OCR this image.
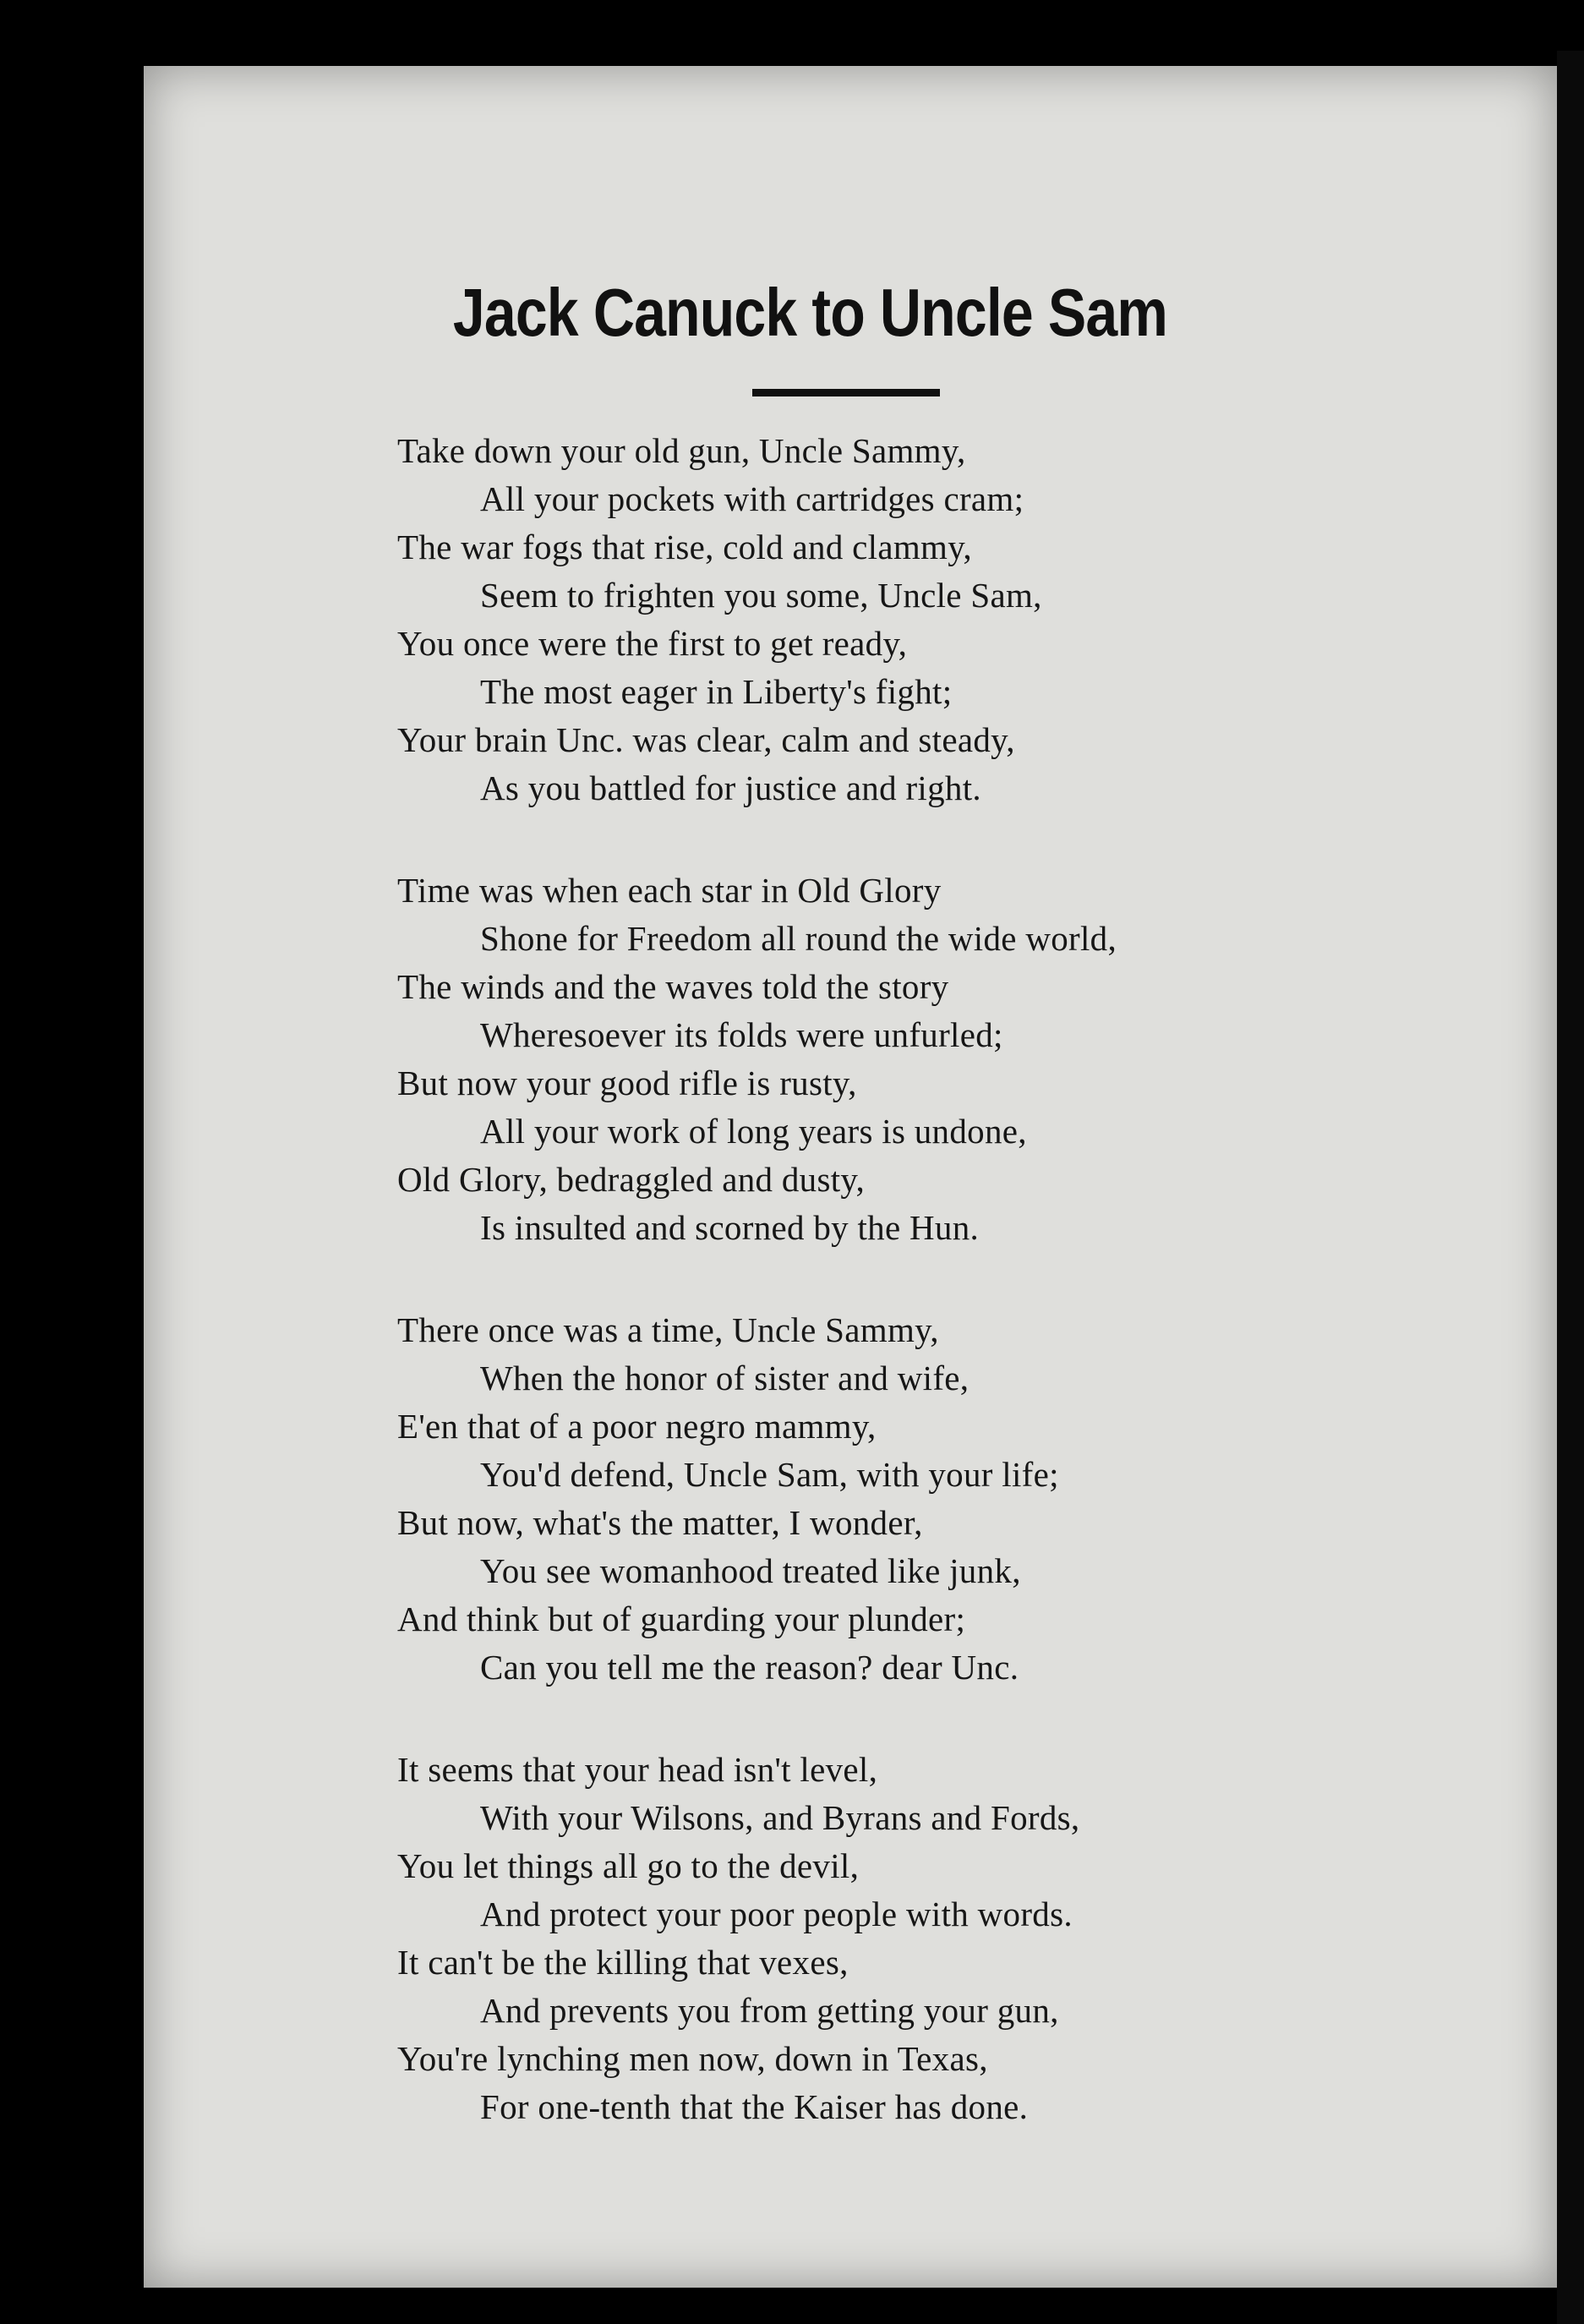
Jack Canuck to Uncle Sam
Take down your old gun, Uncle Sammy,
All your pockets with cartridges cram;
The war fogs that rise, cold and clammy,
Seem to frighten you some, Uncle Sam,
You once were the first to get ready,
The most eager in Liberty's fight;
Your brain Unc. was clear, calm and steady,
As you battled for justice and right.
Time was when each star in Old Glory
Shone for Freedom all round the wide world,
The winds and the waves told the story
Wheresoever its folds were unfurled;
But now your good rifle is rusty,
All your work of long years is undone,
Old Glory, bedraggled and dusty,
Is insulted and scorned by the Hun.
There once was a time, Uncle Sammy,
When the honor of sister and wife,
E'en that of a poor negro mammy,
You'd defend, Uncle Sam, with your life;
But now, what's the matter, I wonder,
You see womanhood treated like junk,
And think but of guarding your plunder;
Can you tell me the reason? dear Unc.
It seems that your head isn't level,
With your Wilsons, and Byrans and Fords,
You let things all go to the devil,
And protect your poor people with words.
It can't be the killing that vexes,
And prevents you from getting your gun,
You're lynching men now, down in Texas,
For one-tenth that the Kaiser has done.
